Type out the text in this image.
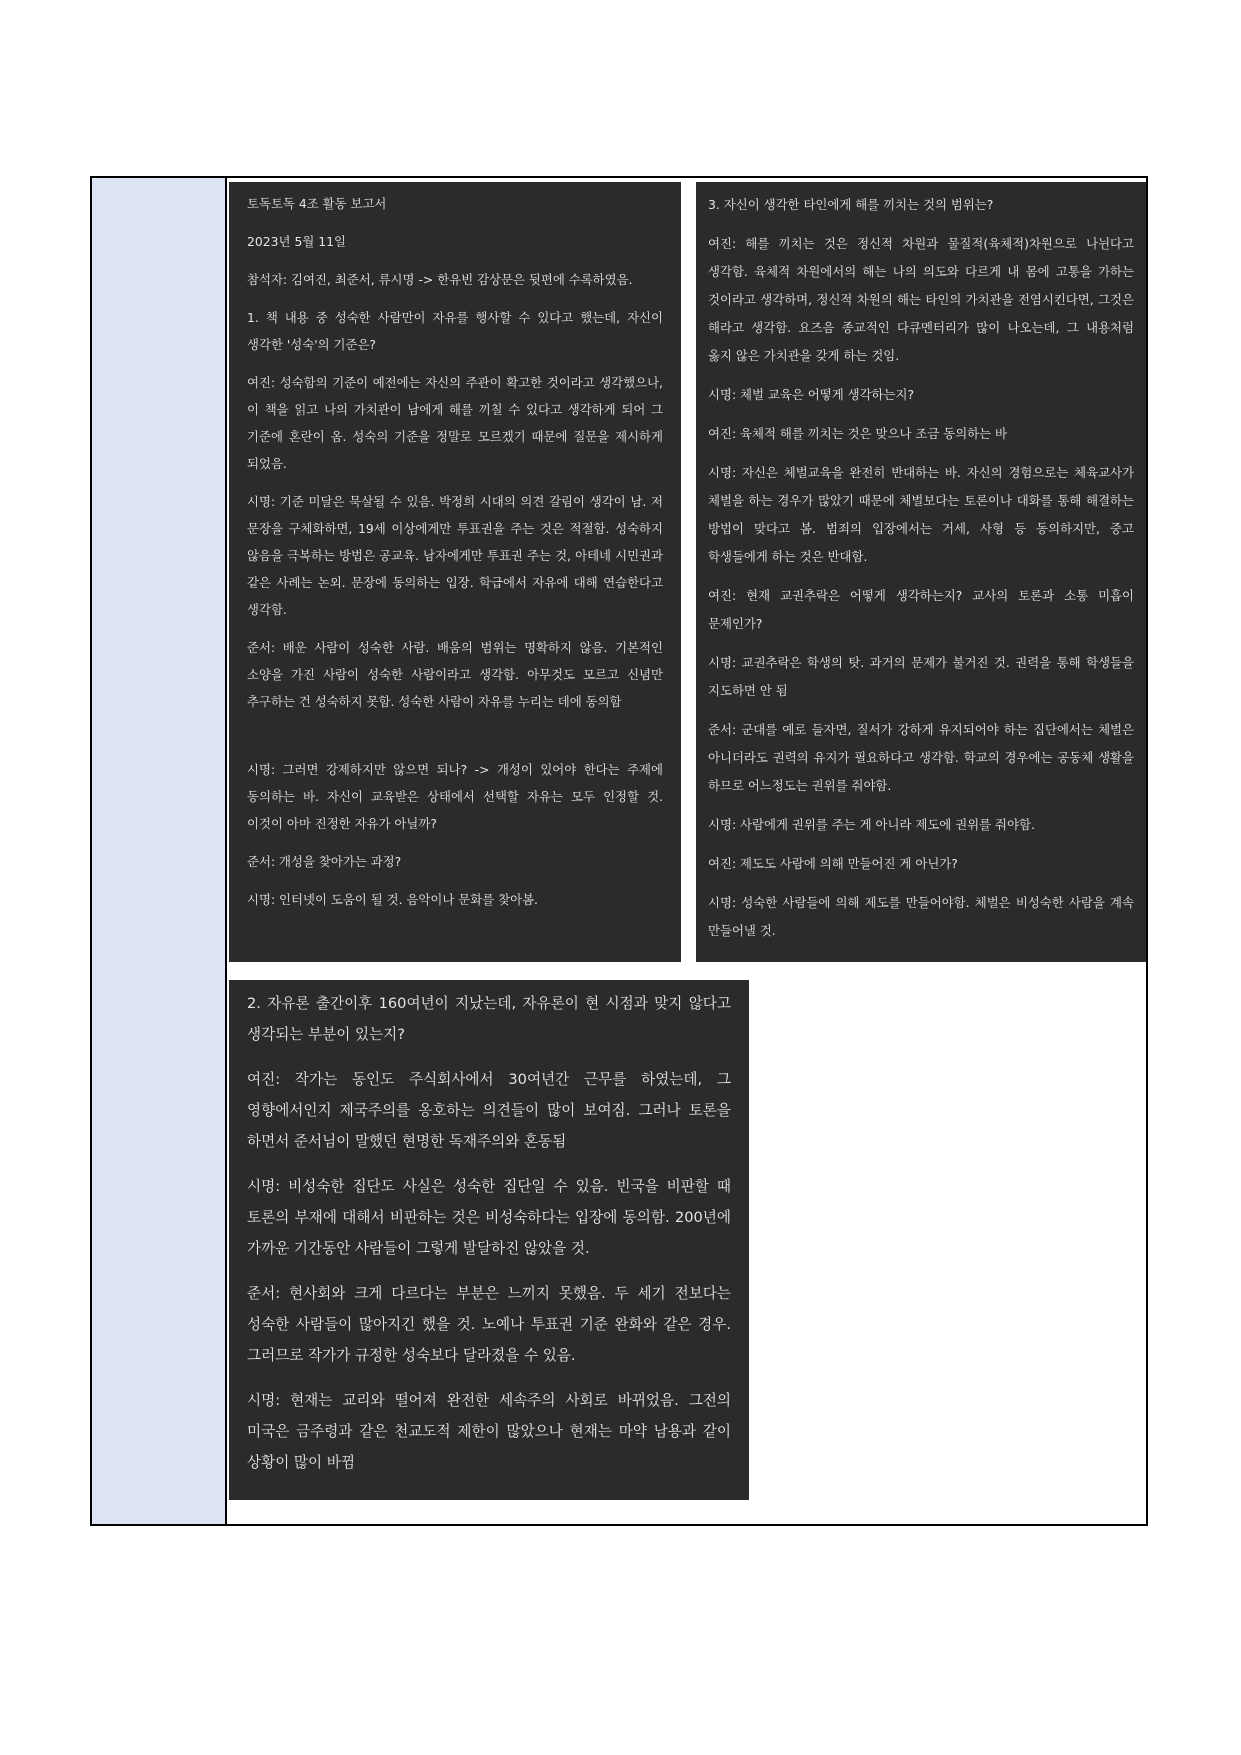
토독토독 4조 활동 보고서

2023년 5월 11일

참석자: 김여진, 최준서, 류시명 -> 한유빈 감상문은 뒷편에 수록하였음.

1. 책 내용 중 성숙한 사람만이 자유를 행사할 수 있다고 했는데, 자신이 생각한 '성숙'의 기준은?

여진: 성숙함의 기준이 예전에는 자신의 주관이 확고한 것이라고 생각했으나, 이 책을 읽고 나의 가치관이 남에게 해를 끼칠 수 있다고 생각하게 되어 그 기준에 혼란이 옴. 성숙의 기준을 정말로 모르겠기 때문에 질문을 제시하게 되었음.

시명: 기준 미달은 묵살될 수 있음. 박정희 시대의 의견 갈림이 생각이 남. 저 문장을 구체화하면, 19세 이상에게만 투표권을 주는 것은 적절함. 성숙하지 않음을 극복하는 방법은 공교육. 남자에게만 투표권 주는 것, 아테네 시민권과 같은 사례는 논외. 문장에 동의하는 입장. 학급에서 자유에 대해 연습한다고 생각함.

준서: 배운 사람이 성숙한 사람. 배움의 범위는 명확하지 않음. 기본적인 소양을 가진 사람이 성숙한 사람이라고 생각함. 아무것도 모르고 신념만 추구하는 건 성숙하지 못함. 성숙한 사람이 자유를 누리는 데에 동의함

시명: 그러면 강제하지만 않으면 되나? -> 개성이 있어야 한다는 주제에 동의하는 바. 자신이 교육받은 상태에서 선택할 자유는 모두 인정할 것. 이것이 아마 진정한 자유가 아닐까?

준서: 개성을 찾아가는 과정?

시명: 인터넷이 도움이 될 것. 음악이나 문화를 찾아봄.

3. 자신이 생각한 타인에게 해를 끼치는 것의 범위는?

여진: 해를 끼치는 것은 정신적 차원과 물질적(육체적)차원으로 나뉜다고 생각함. 육체적 차원에서의 해는 나의 의도와 다르게 내 몸에 고통을 가하는 것이라고 생각하며, 정신적 차원의 해는 타인의 가치관을 전염시킨다면, 그것은 해라고 생각함. 요즈음 종교적인 다큐멘터리가 많이 나오는데, 그 내용처럼 옳지 않은 가치관을 갖게 하는 것임.

시명: 체벌 교육은 어떻게 생각하는지?

여진: 육체적 해를 끼치는 것은 맞으나 조금 동의하는 바

시명: 자신은 체벌교육을 완전히 반대하는 바. 자신의 경험으로는 체육교사가 체벌을 하는 경우가 많았기 때문에 체벌보다는 토론이나 대화를 통해 해결하는 방법이 맞다고 봄. 범죄의 입장에서는 거세, 사형 등 동의하지만, 중고 학생들에게 하는 것은 반대함.

여진: 현재 교권추락은 어떻게 생각하는지? 교사의 토론과 소통 미흡이 문제인가?

시명: 교권추락은 학생의 탓. 과거의 문제가 불거진 것. 권력을 통해 학생들을 지도하면 안 됨

준서: 군대를 예로 들자면, 질서가 강하게 유지되어야 하는 집단에서는 체벌은 아니더라도 권력의 유지가 필요하다고 생각함. 학교의 경우에는 공동체 생활을 하므로 어느정도는 권위를 줘야함.

시명: 사람에게 권위를 주는 게 아니라 제도에 권위를 줘야함.

여진: 제도도 사람에 의해 만들어진 게 아닌가?

시명: 성숙한 사람들에 의해 제도를 만들어야함. 체벌은 비성숙한 사람을 계속 만들어낼 것.

2. 자유론 출간이후 160여년이 지났는데, 자유론이 현 시점과 맞지 않다고 생각되는 부분이 있는지?

여진: 작가는 동인도 주식회사에서 30여년간 근무를 하였는데, 그 영향에서인지 제국주의를 옹호하는 의견들이 많이 보여짐. 그러나 토론을 하면서 준서님이 말했던 현명한 독재주의와 혼동됨

시명: 비성숙한 집단도 사실은 성숙한 집단일 수 있음. 빈국을 비판할 때 토론의 부재에 대해서 비판하는 것은 비성숙하다는 입장에 동의함. 200년에 가까운 기간동안 사람들이 그렇게 발달하진 않았을 것.

준서: 현사회와 크게 다르다는 부분은 느끼지 못했음. 두 세기 전보다는 성숙한 사람들이 많아지긴 했을 것. 노예나 투표권 기준 완화와 같은 경우. 그러므로 작가가 규정한 성숙보다 달라졌을 수 있음.

시명: 현재는 교리와 떨어져 완전한 세속주의 사회로 바뀌었음. 그전의 미국은 금주령과 같은 천교도적 제한이 많았으나 현재는 마약 남용과 같이 상황이 많이 바뀜
